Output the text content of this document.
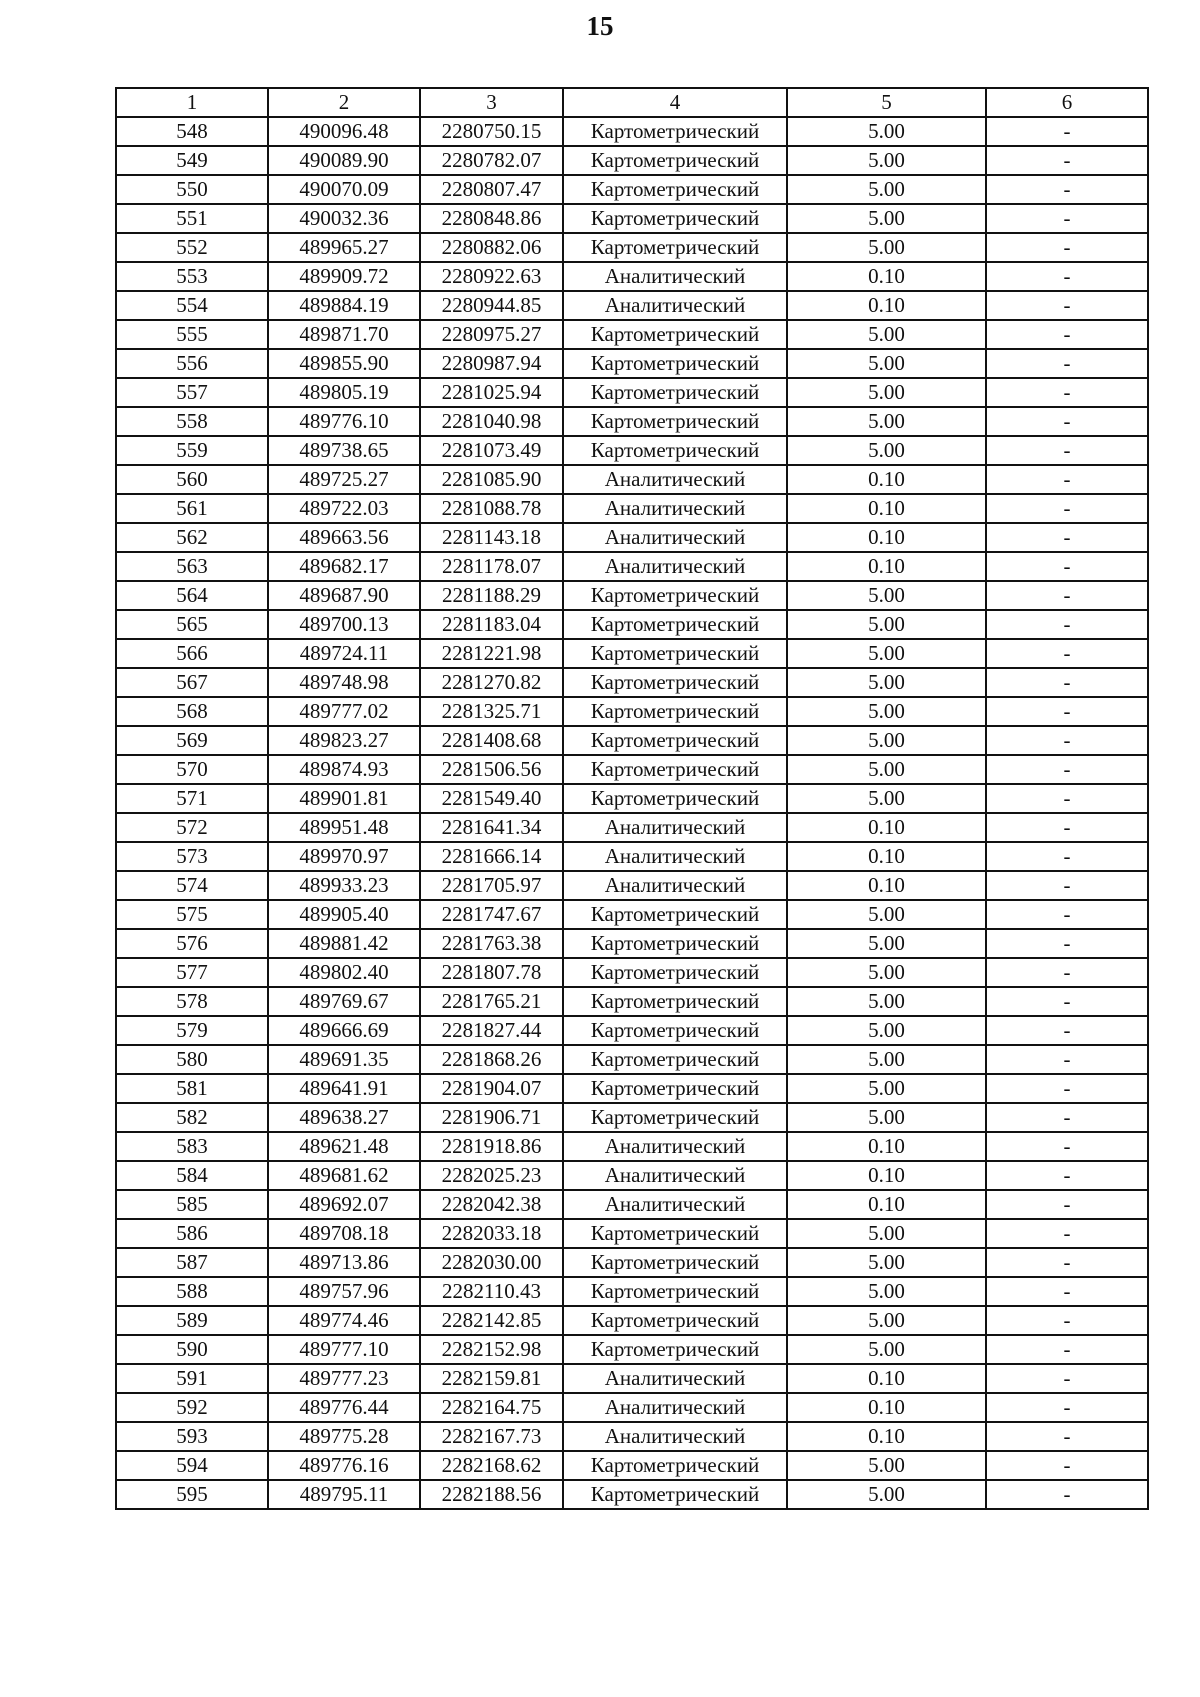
15
1	2	3	4	5	6
548	490096.48	2280750.15	Картометрический	5.00	-
549	490089.90	2280782.07	Картометрический	5.00	-
550	490070.09	2280807.47	Картометрический	5.00	-
551	490032.36	2280848.86	Картометрический	5.00	-
552	489965.27	2280882.06	Картометрический	5.00	-
553	489909.72	2280922.63	Аналитический	0.10	-
554	489884.19	2280944.85	Аналитический	0.10	-
555	489871.70	2280975.27	Картометрический	5.00	-
556	489855.90	2280987.94	Картометрический	5.00	-
557	489805.19	2281025.94	Картометрический	5.00	-
558	489776.10	2281040.98	Картометрический	5.00	-
559	489738.65	2281073.49	Картометрический	5.00	-
560	489725.27	2281085.90	Аналитический	0.10	-
561	489722.03	2281088.78	Аналитический	0.10	-
562	489663.56	2281143.18	Аналитический	0.10	-
563	489682.17	2281178.07	Аналитический	0.10	-
564	489687.90	2281188.29	Картометрический	5.00	-
565	489700.13	2281183.04	Картометрический	5.00	-
566	489724.11	2281221.98	Картометрический	5.00	-
567	489748.98	2281270.82	Картометрический	5.00	-
568	489777.02	2281325.71	Картометрический	5.00	-
569	489823.27	2281408.68	Картометрический	5.00	-
570	489874.93	2281506.56	Картометрический	5.00	-
571	489901.81	2281549.40	Картометрический	5.00	-
572	489951.48	2281641.34	Аналитический	0.10	-
573	489970.97	2281666.14	Аналитический	0.10	-
574	489933.23	2281705.97	Аналитический	0.10	-
575	489905.40	2281747.67	Картометрический	5.00	-
576	489881.42	2281763.38	Картометрический	5.00	-
577	489802.40	2281807.78	Картометрический	5.00	-
578	489769.67	2281765.21	Картометрический	5.00	-
579	489666.69	2281827.44	Картометрический	5.00	-
580	489691.35	2281868.26	Картометрический	5.00	-
581	489641.91	2281904.07	Картометрический	5.00	-
582	489638.27	2281906.71	Картометрический	5.00	-
583	489621.48	2281918.86	Аналитический	0.10	-
584	489681.62	2282025.23	Аналитический	0.10	-
585	489692.07	2282042.38	Аналитический	0.10	-
586	489708.18	2282033.18	Картометрический	5.00	-
587	489713.86	2282030.00	Картометрический	5.00	-
588	489757.96	2282110.43	Картометрический	5.00	-
589	489774.46	2282142.85	Картометрический	5.00	-
590	489777.10	2282152.98	Картометрический	5.00	-
591	489777.23	2282159.81	Аналитический	0.10	-
592	489776.44	2282164.75	Аналитический	0.10	-
593	489775.28	2282167.73	Аналитический	0.10	-
594	489776.16	2282168.62	Картометрический	5.00	-
595	489795.11	2282188.56	Картометрический	5.00	-
